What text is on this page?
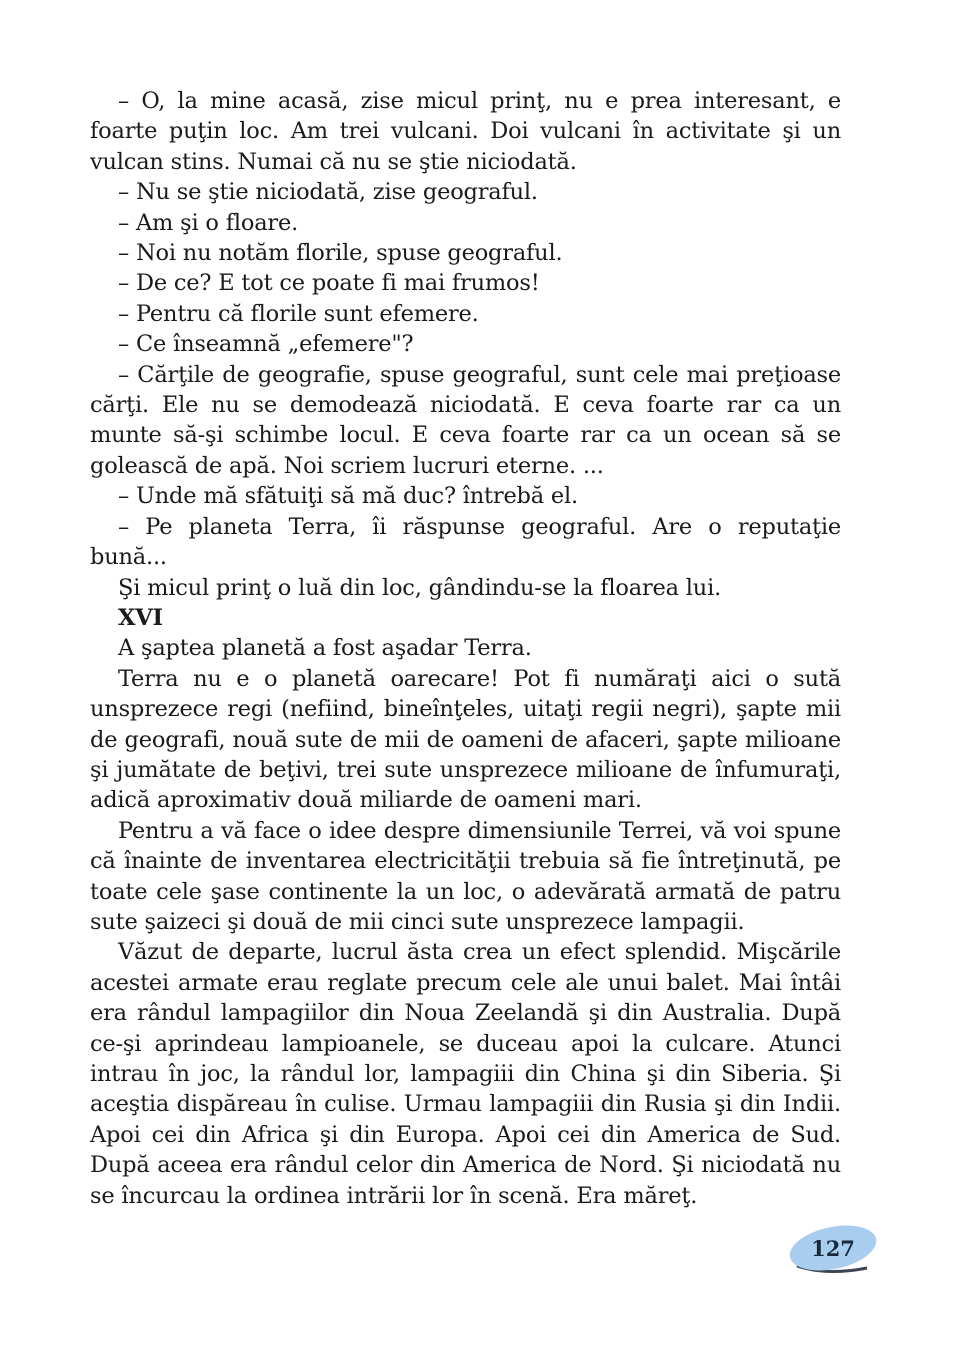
– O, la mine acasă, zise micul prinţ, nu e prea interesant, e foarte puţin loc. Am trei vulcani. Doi vulcani în activitate şi un vulcan stins. Numai că nu se ştie niciodată.

– Nu se ştie niciodată, zise geograful.

– Am şi o floare.

– Noi nu notăm florile, spuse geograful.

– De ce? E tot ce poate fi mai frumos!

– Pentru că florile sunt efemere.

– Ce înseamnă „efemere"?

– Cărţile de geografie, spuse geograful, sunt cele mai preţioase cărţi. Ele nu se demodează niciodată. E ceva foarte rar ca un munte să-şi schimbe locul. E ceva foarte rar ca un ocean să se golească de apă. Noi scriem lucruri eterne. ...

– Unde mă sfătuiţi să mă duc? întrebă el.

– Pe planeta Terra, îi răspunse geograful. Are o reputaţie bună...

Şi micul prinţ o luă din loc, gândindu-se la floarea lui.

XVI

A şaptea planetă a fost aşadar Terra.

Terra nu e o planetă oarecare! Pot fi număraţi aici o sută unsprezece regi (nefiind, bineînţeles, uitaţi regii negri), şapte mii de geografi, nouă sute de mii de oameni de afaceri, şapte milioane şi jumătate de beţivi, trei sute unsprezece milioane de înfumuraţi, adică aproximativ două miliarde de oameni mari.

Pentru a vă face o idee despre dimensiunile Terrei, vă voi spune că înainte de inventarea electricităţii trebuia să fie întreţinută, pe toate cele şase continente la un loc, o adevărată armată de patru sute şaizeci şi două de mii cinci sute unsprezece lampagii.

Văzut de departe, lucrul ăsta crea un efect splendid. Mişcările acestei armate erau reglate precum cele ale unui balet. Mai întâi era rândul lampagiilor din Noua Zeelandă şi din Australia. După ce-şi aprindeau lampioanele, se duceau apoi la culcare. Atunci intrau în joc, la rândul lor, lampagiii din China şi din Siberia. Şi aceştia dispăreau în culise. Urmau lampagiii din Rusia şi din Indii. Apoi cei din Africa şi din Europa. Apoi cei din America de Sud. După aceea era rândul celor din America de Nord. Şi niciodată nu se încurcau la ordinea intrării lor în scenă. Era măreţ.

127
